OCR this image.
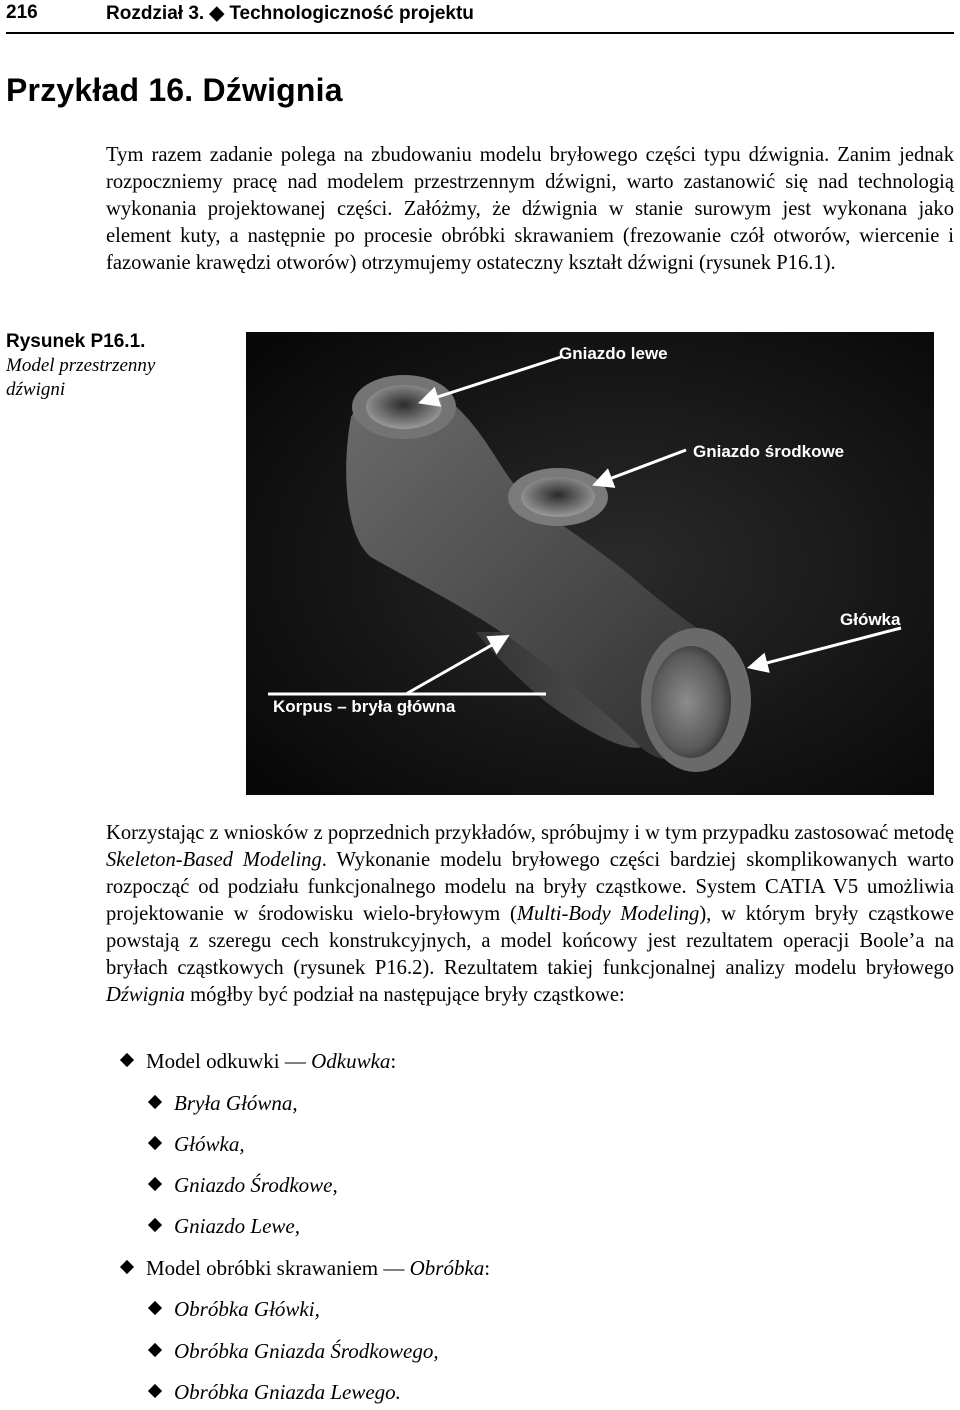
216	Rozdział 3. ◆ Technologiczność projektu
Przykład 16. Dźwignia

Tym razem zadanie polega na zbudowaniu modelu bryłowego części typu dźwignia. Zanim jednak rozpoczniemy pracę nad modelem przestrzennym dźwigni, warto zastanowić się nad technologią wykonania projektowanej części. Załóżmy, że dźwignia w stanie surowym jest wykonana jako element kuty, a następnie po procesie obróbki skrawaniem (frezowanie czół otworów, wiercenie i fazowanie krawędzi otworów) otrzymujemy ostateczny kształt dźwigni (rysunek P16.1).

Rysunek P16.1.
Model przestrzenny dźwigni
Gniazdo lewe
Gniazdo środkowe
Główka
Korpus – bryła główna

Korzystając z wniosków z poprzednich przykładów, spróbujmy i w tym przypadku zastosować metodę Skeleton-Based Modeling. Wykonanie modelu bryłowego części bardziej skomplikowanych warto rozpocząć od podziału funkcjonalnego modelu na bryły cząstkowe. System CATIA V5 umożliwia projektowanie w środowisku wielo-bryłowym (Multi-Body Modeling), w którym bryły cząstkowe powstają z szeregu cech konstrukcyjnych, a model końcowy jest rezultatem operacji Boole’a na bryłach cząstkowych (rysunek P16.2). Rezultatem takiej funkcjonalnej analizy modelu bryłowego Dźwignia mógłby być podział na następujące bryły cząstkowe:

Model odkuwki — Odkuwka:
Bryła Główna,
Główka,
Gniazdo Środkowe,
Gniazdo Lewe,
Model obróbki skrawaniem — Obróbka:
Obróbka Główki,
Obróbka Gniazda Środkowego,
Obróbka Gniazda Lewego.
